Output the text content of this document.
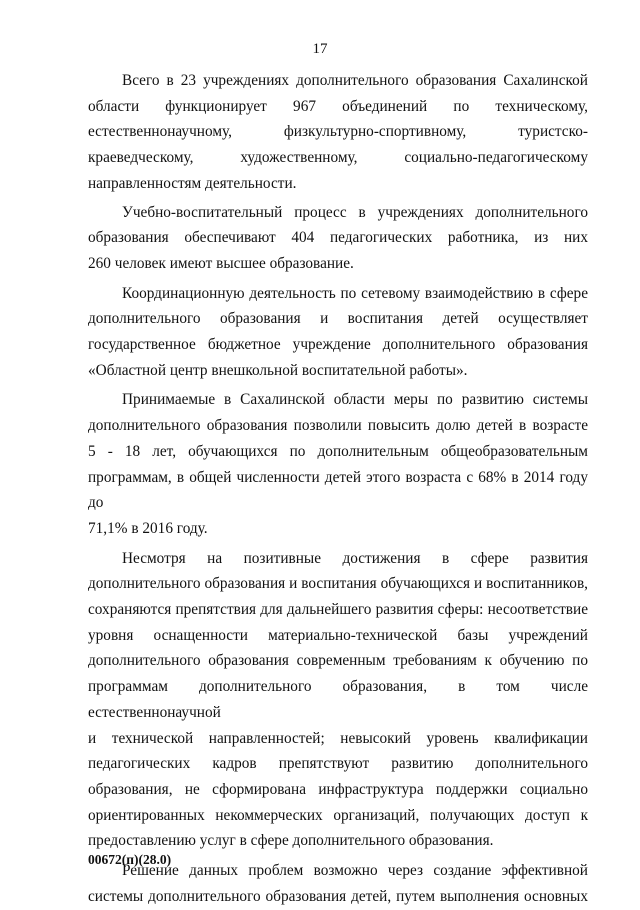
17
Всего в 23 учреждениях дополнительного образования Сахалинской
области функционирует 967 объединений по техническому,
естественнонаучному, физкультурно-спортивному, туристско-
краеведческому, художественному, социально-педагогическому
направленностям деятельности.
Учебно-воспитательный процесс в учреждениях дополнительного
образования обеспечивают 404 педагогических работника, из них
260 человек имеют высшее образование.
Координационную деятельность по сетевому взаимодействию в сфере
дополнительного образования и воспитания детей осуществляет
государственное бюджетное учреждение дополнительного образования
«Областной центр внешкольной воспитательной работы».
Принимаемые в Сахалинской области меры по развитию системы
дополнительного образования позволили повысить долю детей в возрасте
5 - 18 лет, обучающихся по дополнительным общеобразовательным
программам, в общей численности детей этого возраста с 68% в 2014 году до
71,1% в 2016 году.
Несмотря на позитивные достижения в сфере развития
дополнительного образования и воспитания обучающихся и воспитанников,
сохраняются препятствия для дальнейшего развития сферы: несоответствие
уровня оснащенности материально-технической базы учреждений
дополнительного образования современным требованиям к обучению по
программам дополнительного образования, в том числе естественнонаучной
и технической направленностей; невысокий уровень квалификации
педагогических кадров препятствуют развитию дополнительного
образования, не сформирована инфраструктура поддержки социально
ориентированных некоммерческих организаций, получающих доступ к
предоставлению услуг в сфере дополнительного образования.
Решение данных проблем возможно через создание эффективной
системы дополнительного образования детей, путем выполнения основных
00672(п)(28.0)
